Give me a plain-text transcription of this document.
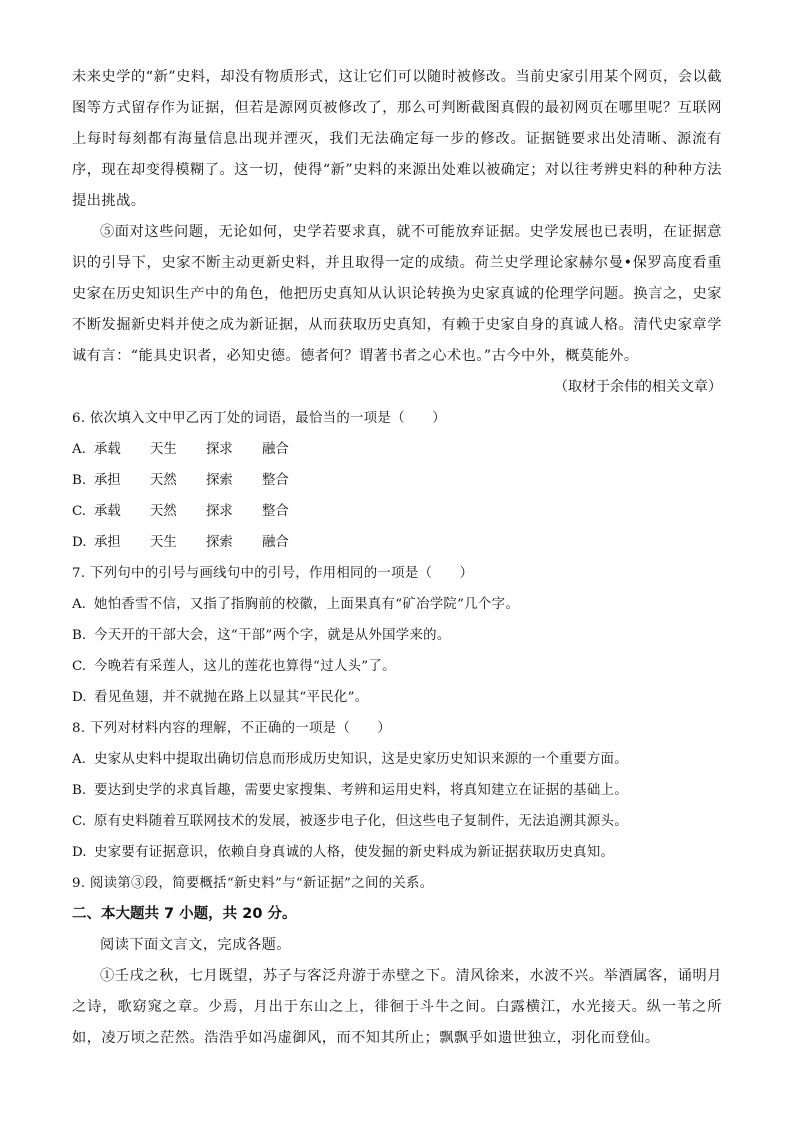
未来史学的“新”史料，却没有物质形式，这让它们可以随时被修改。当前史家引用某个网页，会以截图等方式留存作为证据，但若是源网页被修改了，那么可判断截图真假的最初网页在哪里呢？互联网上每时每刻都有海量信息出现并湮灭，我们无法确定每一步的修改。证据链要求出处清晰、源流有序，现在却变得模糊了。这一切，使得“新”史料的来源出处难以被确定；对以往考辨史料的种种方法提出挑战。

⑤面对这些问题，无论如何，史学若要求真，就不可能放弃证据。史学发展也已表明，在证据意识的引导下，史家不断主动更新史料，并且取得一定的成绩。荷兰史学理论家赫尔曼•保罗高度看重史家在历史知识生产中的角色，他把历史真知从认识论转换为史家真诚的伦理学问题。换言之，史家不断发掘新史料并使之成为新证据，从而获取历史真知，有赖于史家自身的真诚人格。清代史家章学诚有言：“能具史识者，必知史德。德者何？谓著书者之心术也。”古今中外，概莫能外。

（取材于余伟的相关文章）

6. 依次填入文中甲乙丙丁处的词语，最恰当的一项是（　　）

A. 承载	天生	探求	融合
B. 承担	天然	探索	整合
C. 承载	天然	探求	整合
D. 承担	天生	探索	融合

7. 下列句中的引号与画线句中的引号，作用相同的一项是（　　）

A. 她怕香雪不信，又指了指胸前的校徽，上面果真有“矿冶学院”几个字。
B. 今天开的干部大会，这“干部”两个字，就是从外国学来的。
C. 今晚若有采莲人，这儿的莲花也算得“过人头”了。
D. 看见鱼翅，并不就抛在路上以显其“平民化”。

8. 下列对材料内容的理解，不正确的一项是（　　）

A. 史家从史料中提取出确切信息而形成历史知识，这是史家历史知识来源的一个重要方面。
B. 要达到史学的求真旨趣，需要史家搜集、考辨和运用史料，将真知建立在证据的基础上。
C. 原有史料随着互联网技术的发展，被逐步电子化，但这些电子复制件，无法追溯其源头。
D. 史家要有证据意识，依赖自身真诚的人格，使发掘的新史料成为新证据获取历史真知。

9. 阅读第③段，简要概括“新史料”与“新证据”之间的关系。

二、本大题共 7 小题，共 20 分。

阅读下面文言文，完成各题。

①壬戌之秋，七月既望，苏子与客泛舟游于赤壁之下。清风徐来，水波不兴。举酒属客，诵明月之诗，歌窈窕之章。少焉，月出于东山之上，徘徊于斗牛之间。白露横江，水光接天。纵一苇之所如，凌万顷之茫然。浩浩乎如冯虚御风，而不知其所止；飘飘乎如遗世独立，羽化而登仙。
